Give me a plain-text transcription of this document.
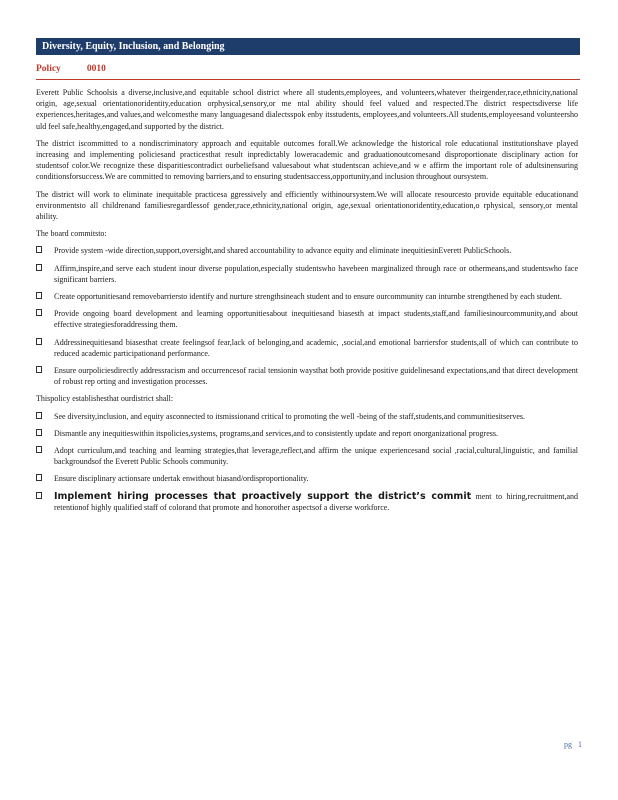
Diversity, Equity, Inclusion, and Belonging
Policy	0010

Everett Public Schoolsis a diverse,inclusive,and equitable school district where all students,employees, and volunteers,whatever theirgender,race,ethnicity,national origin, age,sexual orientationoridentity,education orphysical,sensory,or me ntal ability should feel valued and respected.The district respectsdiverse life experiences,heritages,and values,and welcomesthe many languagesand dialectsspok enby itsstudents, employees,and volunteers.All students,employeesand volunteersho uld feel safe,healthy,engaged,and supported by the district.

The district iscommitted to a nondiscriminatory approach and equitable outcomes forall.We acknowledge the historical role educational institutionshave played increasing and implementing policiesand practicesthat result inpredictably loweracademic and graduationoutcomesand disproportionate disciplinary action for studentsof color.We recognize these disparitiescontradict ourbeliefsand valuesabout what studentscan achieve,and w e affirm the important role of adultsinensuring conditionsforsuccess.We are committed to removing barriers,and to ensuring studentsaccess,opportunity,and inclusion throughout oursystem.

The district will work to eliminate inequitable practicesa ggressively and efficiently withinoursystem.We will allocate resourcesto provide equitable educationand environmentsto all childrenand familiesregardlessof gender,race,ethnicity,national origin, age,sexual orientationoridentity,education,o rphysical, sensory,or mental ability.

The board commitsto:

Provide system -wide direction,support,oversight,and shared accountability to advance equity and eliminate inequitiesinEverett PublicSchools.
Affirm,inspire,and serve each student inour diverse population,especially studentswho havebeen marginalized through race or othermeans,and studentswho face significant barriers.
Create opportunitiesand removebarriersto identify and nurture strengthsineach student and to ensure ourcommunity can inturnbe strengthened by each student.
Provide ongoing board development and learning opportunitiesabout inequitiesand biasesth at impact students,staff,and familiesinourcommunity,and about effective strategiesforaddressing them.
Addressinequitiesand biasesthat create feelingsof fear,lack of belonging,and academic, ,social,and emotional barriersfor students,all of which can contribute to reduced academic participationand performance.
Ensure ourpoliciesdirectly addressracism and occurrencesof racial tensionin waysthat both provide positive guidelinesand expectations,and that direct development of robust rep orting and investigation processes.

Thispolicy establishesthat ourdistrict shall:

See diversity,inclusion, and equity asconnected to itsmissionand critical to promoting the well -being of the staff,students,and communitiesitserves.
Dismantle any inequitieswithin itspolicies,systems, programs,and services,and to consistently update and report onorganizational progress.
Adopt curriculum,and teaching and learning strategies,that leverage,reflect,and affirm the unique experiencesand social ,racial,cultural,linguistic, and familial backgroundsof the Everett Public Schools community.
Ensure disciplinary actionsare undertak enwithout biasand/ordisproportionality.
Implement hiring processes that proactively support the district’s commit ment to hiring,recruitment,and retentionof highly qualified staff of colorand that promote and honorother aspectsof a diverse workforce.
pg 1
